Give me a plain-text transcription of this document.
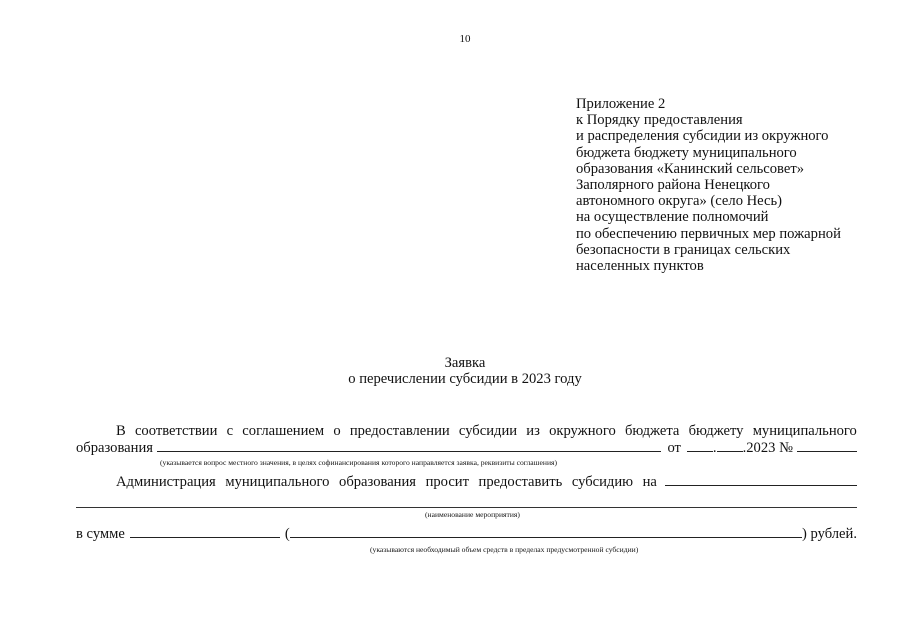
10
Приложение 2
к Порядку предоставления
и распределения субсидии из окружного
бюджета бюджету муниципального
образования «Канинский сельсовет»
Заполярного района Ненецкого
автономного округа» (село Несь)
на осуществление полномочий
по обеспечению первичных мер пожарной
безопасности в границах сельских
населенных пунктов
Заявка
о перечислении субсидии в 2023 году
В соответствии с соглашением о предоставлении субсидии из окружного бюджета бюджету муниципального
образования	от . .2023 №
(указывается вопрос местного значения, в целях софинансирования которого направляется заявка, реквизиты соглашения)
Администрация муниципального образования просит предоставить субсидию на
(наименование мероприятия)
в сумме	(	) рублей.
(указываются необходимый объем средств в пределах предусмотренной субсидии)
